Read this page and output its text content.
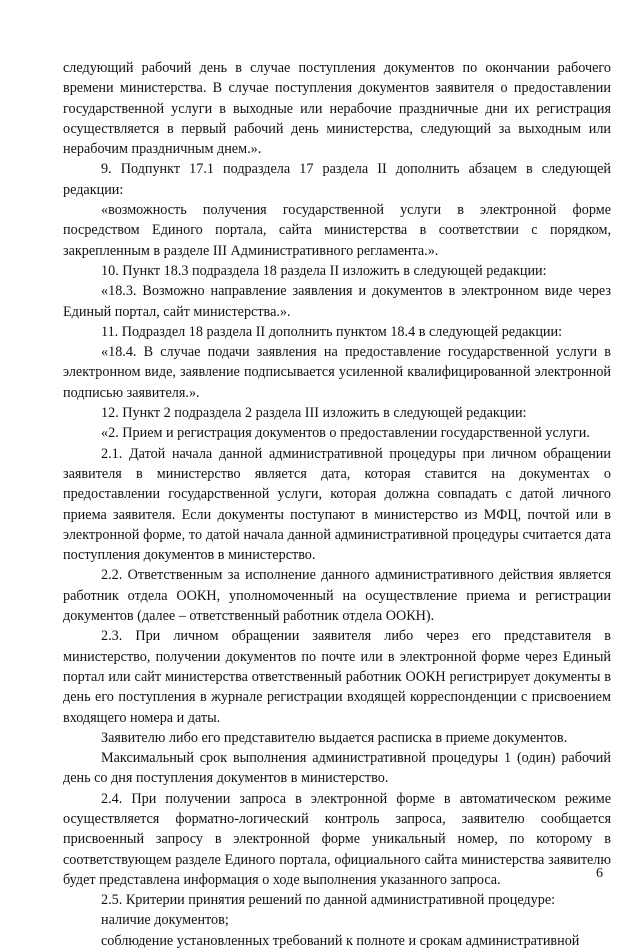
следующий рабочий день в случае поступления документов по окончании рабочего времени министерства. В случае поступления документов заявителя о предоставлении государственной услуги в выходные или нерабочие праздничные дни их регистрация осуществляется в первый рабочий день министерства, следующий за выходным или нерабочим праздничным днем.».

9. Подпункт 17.1 подраздела 17 раздела II дополнить абзацем в следующей редакции:

«возможность получения государственной услуги в электронной форме посредством Единого портала, сайта министерства в соответствии с порядком, закрепленным в разделе III Административного регламента.».

10. Пункт 18.3 подраздела 18 раздела II изложить в следующей редакции:

«18.3. Возможно направление заявления и документов в электронном виде через Единый портал, сайт министерства.».

11. Подраздел 18 раздела II дополнить пунктом 18.4 в следующей редакции:

«18.4. В случае подачи заявления на предоставление государственной услуги в электронном виде, заявление подписывается усиленной квалифицированной электронной подписью заявителя.».

12. Пункт 2 подраздела 2 раздела III изложить в следующей редакции:

«2. Прием и регистрация документов о предоставлении государственной услуги.

2.1. Датой начала данной административной процедуры при личном обращении заявителя в министерство является дата, которая ставится на документах о предоставлении государственной услуги, которая должна совпадать с датой личного приема заявителя. Если документы поступают в министерство из МФЦ, почтой или в электронной форме, то датой начала данной административной процедуры считается дата поступления документов в министерство.

2.2. Ответственным за исполнение данного административного действия является работник отдела ООКН, уполномоченный на осуществление приема и регистрации документов (далее – ответственный работник отдела ООКН).

2.3. При личном обращении заявителя либо через его представителя в министерство, получении документов по почте или в электронной форме через Единый портал или сайт министерства ответственный работник ООКН регистрирует документы в день его поступления в журнале регистрации входящей корреспонденции с присвоением входящего номера и даты.

Заявителю либо его представителю выдается расписка в приеме документов.

Максимальный срок выполнения административной процедуры 1 (один) рабочий день со дня поступления документов в министерство.

2.4. При получении запроса в электронной форме в автоматическом режиме осуществляется форматно-логический контроль запроса, заявителю сообщается присвоенный запросу в электронной форме уникальный номер, по которому в соответствующем разделе Единого портала, официального сайта министерства заявителю будет представлена информация о ходе выполнения указанного запроса.

2.5. Критерии принятия решений по данной административной процедуре:

наличие документов;

соблюдение установленных требований к полноте и срокам административной

6
